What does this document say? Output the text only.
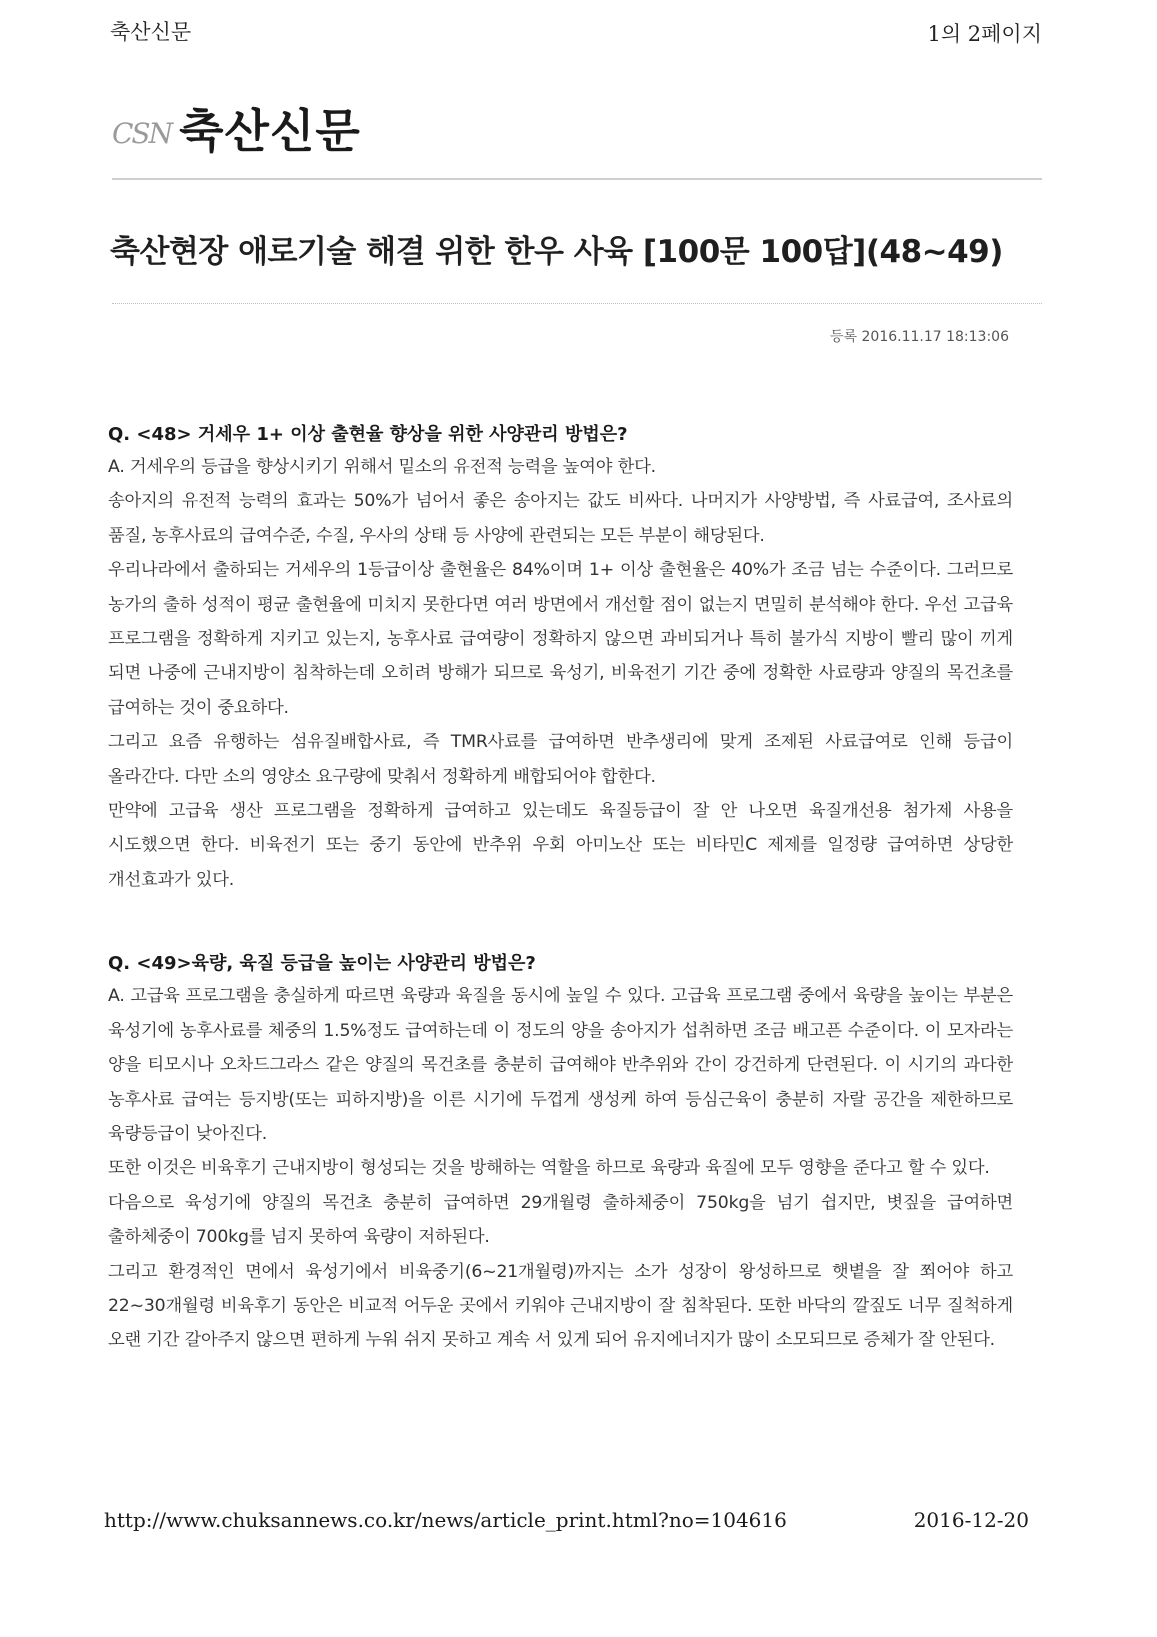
축산신문	1의 2페이지
CSN 축산신문
축산현장 애로기술 해결 위한 한우 사육 [100문 100답](48~49)
등록 2016.11.17 18:13:06

Q. <48> 거세우 1+ 이상 출현율 향상을 위한 사양관리 방법은?

A. 거세우의 등급을 향상시키기 위해서 밑소의 유전적 능력을 높여야 한다.

송아지의 유전적 능력의 효과는 50%가 넘어서 좋은 송아지는 값도 비싸다. 나머지가 사양방법, 즉 사료급여, 조사료의 품질, 농후사료의 급여수준, 수질, 우사의 상태 등 사양에 관련되는 모든 부분이 해당된다.

우리나라에서 출하되는 거세우의 1등급이상 출현율은 84%이며 1+ 이상 출현율은 40%가 조금 넘는 수준이다. 그러므로 농가의 출하 성적이 평균 출현율에 미치지 못한다면 여러 방면에서 개선할 점이 없는지 면밀히 분석해야 한다. 우선 고급육 프로그램을 정확하게 지키고 있는지, 농후사료 급여량이 정확하지 않으면 과비되거나 특히 불가식 지방이 빨리 많이 끼게 되면 나중에 근내지방이 침착하는데 오히려 방해가 되므로 육성기, 비육전기 기간 중에 정확한 사료량과 양질의 목건초를 급여하는 것이 중요하다.

그리고 요즘 유행하는 섬유질배합사료, 즉 TMR사료를 급여하면 반추생리에 맞게 조제된 사료급여로 인해 등급이 올라간다. 다만 소의 영양소 요구량에 맞춰서 정확하게 배합되어야 합한다.

만약에 고급육 생산 프로그램을 정확하게 급여하고 있는데도 육질등급이 잘 안 나오면 육질개선용 첨가제 사용을 시도했으면 한다. 비육전기 또는 중기 동안에 반추위 우회 아미노산 또는 비타민C 제제를 일정량 급여하면 상당한 개선효과가 있다.

Q. <49>육량, 육질 등급을 높이는 사양관리 방법은?

A. 고급육 프로그램을 충실하게 따르면 육량과 육질을 동시에 높일 수 있다. 고급육 프로그램 중에서 육량을 높이는 부분은 육성기에 농후사료를 체중의 1.5%정도 급여하는데 이 정도의 양을 송아지가 섭취하면 조금 배고픈 수준이다. 이 모자라는 양을 티모시나 오차드그라스 같은 양질의 목건초를 충분히 급여해야 반추위와 간이 강건하게 단련된다. 이 시기의 과다한 농후사료 급여는 등지방(또는 피하지방)을 이른 시기에 두껍게 생성케 하여 등심근육이 충분히 자랄 공간을 제한하므로 육량등급이 낮아진다.

또한 이것은 비육후기 근내지방이 형성되는 것을 방해하는 역할을 하므로 육량과 육질에 모두 영향을 준다고 할 수 있다.

다음으로 육성기에 양질의 목건초 충분히 급여하면 29개월령 출하체중이 750kg을 넘기 쉽지만, 볏짚을 급여하면 출하체중이 700kg를 넘지 못하여 육량이 저하된다.

그리고 환경적인 면에서 육성기에서 비육중기(6~21개월령)까지는 소가 성장이 왕성하므로 햇볕을 잘 쬐어야 하고 22~30개월령 비육후기 동안은 비교적 어두운 곳에서 키워야 근내지방이 잘 침착된다. 또한 바닥의 깔짚도 너무 질척하게 오랜 기간 갈아주지 않으면 편하게 누워 쉬지 못하고 계속 서 있게 되어 유지에너지가 많이 소모되므로 증체가 잘 안된다.

http://www.chuksannews.co.kr/news/article_print.html?no=104616	2016-12-20
